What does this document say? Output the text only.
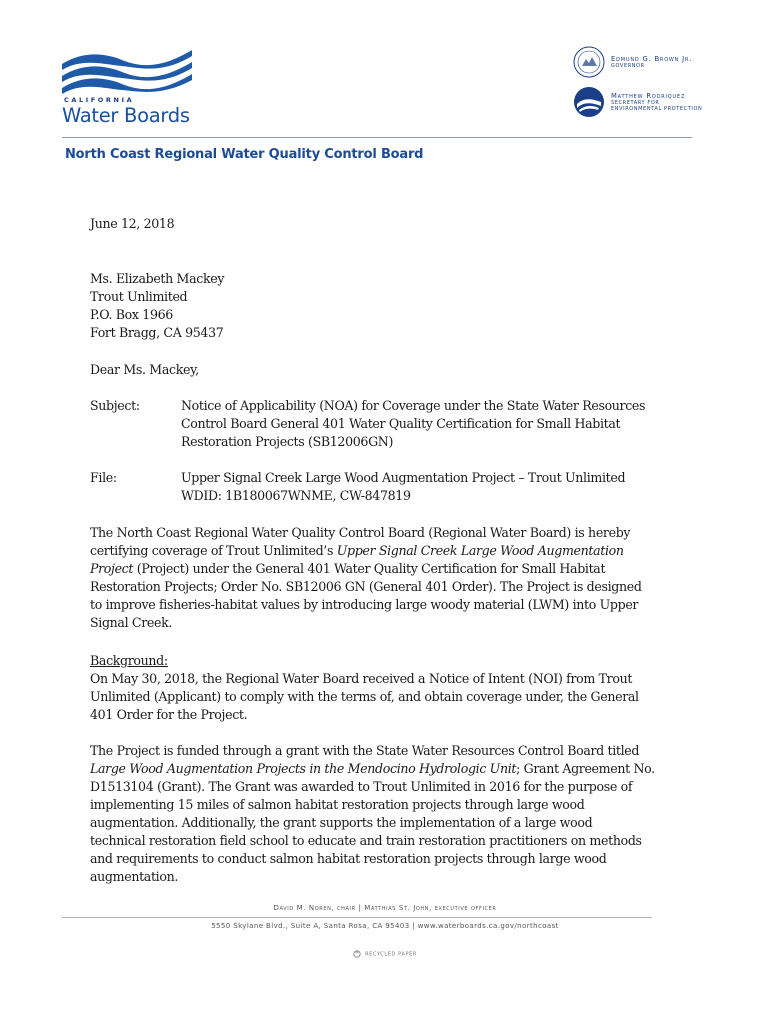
CALIFORNIA
Water Boards
Edmund G. Brown Jr.
GOVERNOR
Matthew Rodriquez
SECRETARY FOR
ENVIRONMENTAL PROTECTION
North Coast Regional Water Quality Control Board
June 12, 2018
Ms. Elizabeth Mackey
Trout Unlimited
P.O. Box 1966
Fort Bragg, CA 95437
Dear Ms. Mackey,
Subject:	Notice of Applicability (NOA) for Coverage under the State Water Resources
Control Board General 401 Water Quality Certification for Small Habitat
Restoration Projects (SB12006GN)
File:	Upper Signal Creek Large Wood Augmentation Project – Trout Unlimited
WDID: 1B180067WNME, CW-847819
The North Coast Regional Water Quality Control Board (Regional Water Board) is hereby
certifying coverage of Trout Unlimited’s Upper Signal Creek Large Wood Augmentation
Project (Project) under the General 401 Water Quality Certification for Small Habitat
Restoration Projects; Order No. SB12006 GN (General 401 Order). The Project is designed
to improve fisheries-habitat values by introducing large woody material (LWM) into Upper
Signal Creek.
Background:
On May 30, 2018, the Regional Water Board received a Notice of Intent (NOI) from Trout
Unlimited (Applicant) to comply with the terms of, and obtain coverage under, the General
401 Order for the Project.
The Project is funded through a grant with the State Water Resources Control Board titled
Large Wood Augmentation Projects in the Mendocino Hydrologic Unit; Grant Agreement No.
D1513104 (Grant). The Grant was awarded to Trout Unlimited in 2016 for the purpose of
implementing 15 miles of salmon habitat restoration projects through large wood
augmentation. Additionally, the grant supports the implementation of a large wood
technical restoration field school to educate and train restoration practitioners on methods
and requirements to conduct salmon habitat restoration projects through large wood
augmentation.
David M. Noren, chair | Matthias St. John, executive officer
5550 Skylane Blvd., Suite A, Santa Rosa, CA 95403 | www.waterboards.ca.gov/northcoast
RECYCLED PAPER
